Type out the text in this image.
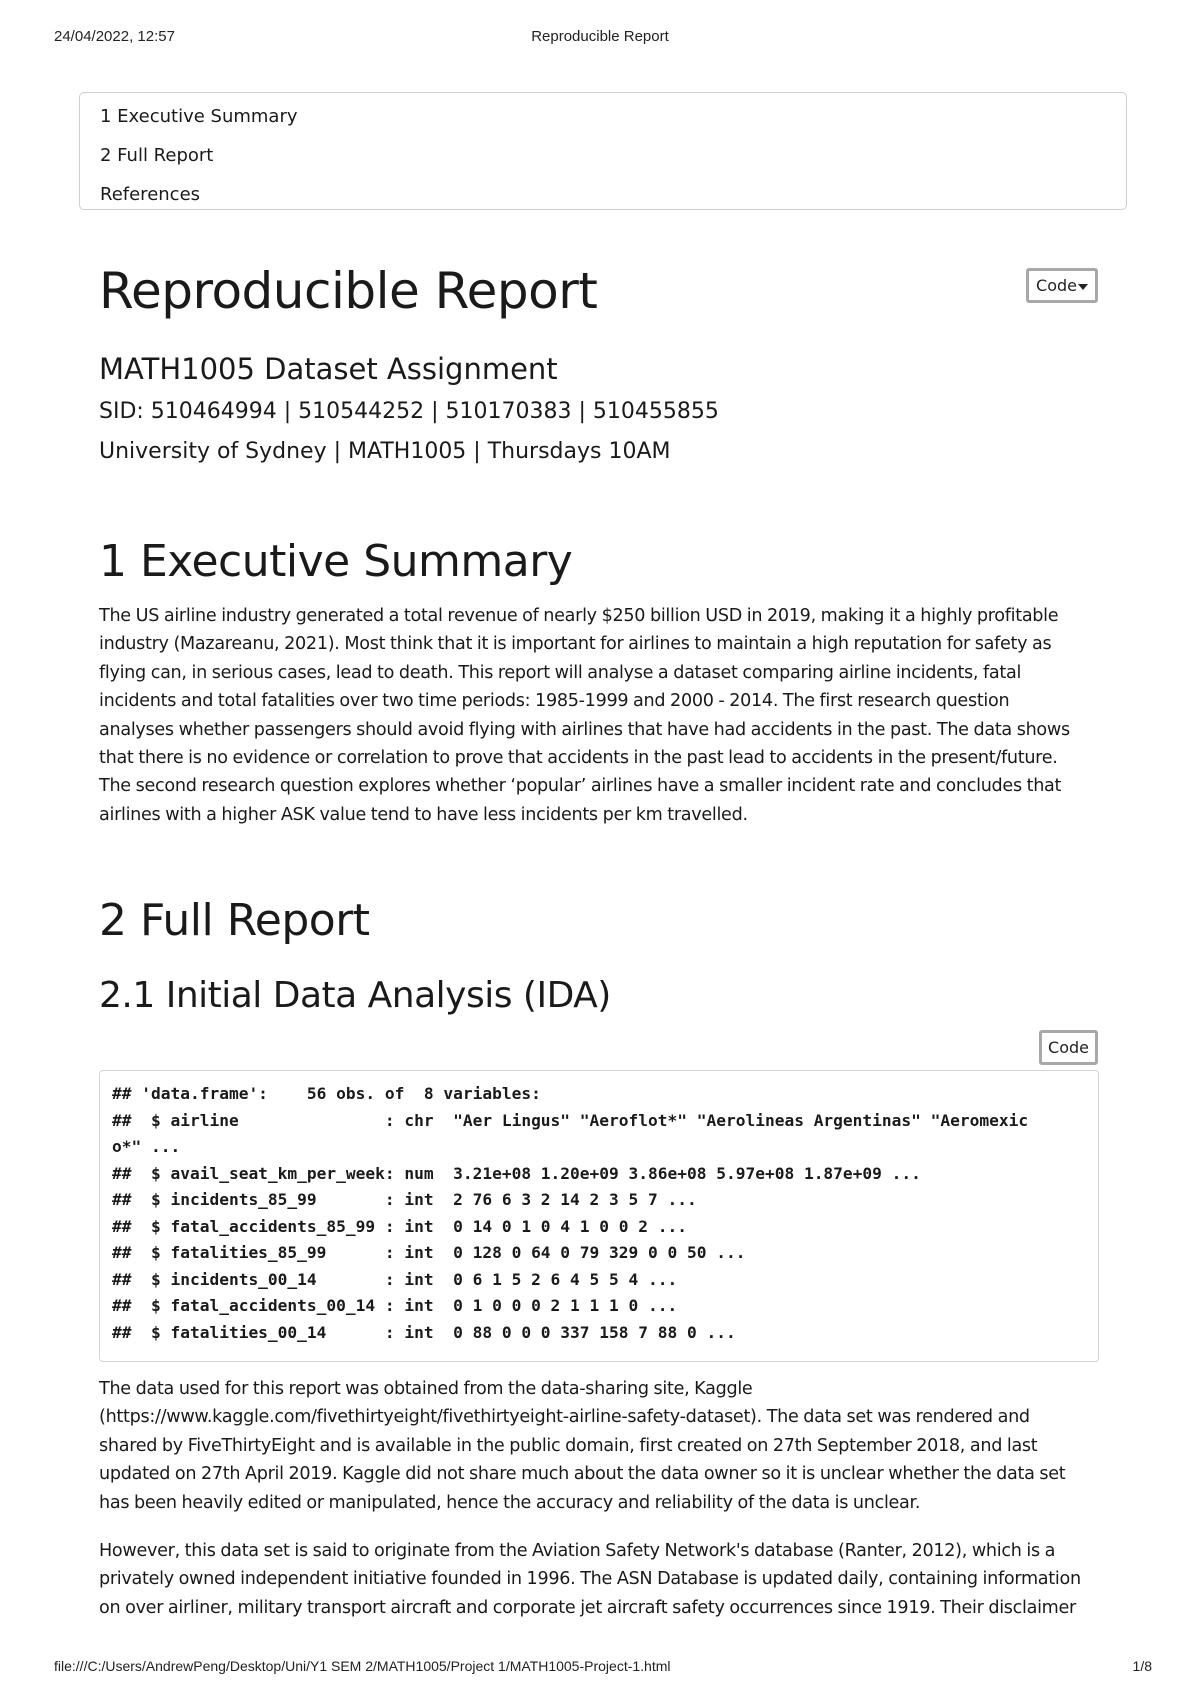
24/04/2022, 12:57	Reproducible Report
1 Executive Summary
2 Full Report
References
Code
Reproducible Report
MATH1005 Dataset Assignment
SID: 510464994 | 510544252 | 510170383 | 510455855
University of Sydney | MATH1005 | Thursdays 10AM
1 Executive Summary
The US airline industry generated a total revenue of nearly $250 billion USD in 2019, making it a highly profitable
industry (Mazareanu, 2021). Most think that it is important for airlines to maintain a high reputation for safety as
flying can, in serious cases, lead to death. This report will analyse a dataset comparing airline incidents, fatal
incidents and total fatalities over two time periods: 1985-1999 and 2000 - 2014. The first research question
analyses whether passengers should avoid flying with airlines that have had accidents in the past. The data shows
that there is no evidence or correlation to prove that accidents in the past lead to accidents in the present/future.
The second research question explores whether ‘popular’ airlines have a smaller incident rate and concludes that
airlines with a higher ASK value tend to have less incidents per km travelled.
2 Full Report
2.1 Initial Data Analysis (IDA)
Code
## 'data.frame':    56 obs. of  8 variables:
##  $ airline               : chr  "Aer Lingus" "Aeroflot*" "Aerolineas Argentinas" "Aeromexic
o*" ...
##  $ avail_seat_km_per_week: num  3.21e+08 1.20e+09 3.86e+08 5.97e+08 1.87e+09 ...
##  $ incidents_85_99       : int  2 76 6 3 2 14 2 3 5 7 ...
##  $ fatal_accidents_85_99 : int  0 14 0 1 0 4 1 0 0 2 ...
##  $ fatalities_85_99      : int  0 128 0 64 0 79 329 0 0 50 ...
##  $ incidents_00_14       : int  0 6 1 5 2 6 4 5 5 4 ...
##  $ fatal_accidents_00_14 : int  0 1 0 0 0 2 1 1 1 0 ...
##  $ fatalities_00_14      : int  0 88 0 0 0 337 158 7 88 0 ...
The data used for this report was obtained from the data-sharing site, Kaggle
(https://www.kaggle.com/fivethirtyeight/fivethirtyeight-airline-safety-dataset). The data set was rendered and
shared by FiveThirtyEight and is available in the public domain, first created on 27th September 2018, and last
updated on 27th April 2019. Kaggle did not share much about the data owner so it is unclear whether the data set
has been heavily edited or manipulated, hence the accuracy and reliability of the data is unclear.
However, this data set is said to originate from the Aviation Safety Network's database (Ranter, 2012), which is a
privately owned independent initiative founded in 1996. The ASN Database is updated daily, containing information
on over airliner, military transport aircraft and corporate jet aircraft safety occurrences since 1919. Their disclaimer
file:///C:/Users/AndrewPeng/Desktop/Uni/Y1 SEM 2/MATH1005/Project 1/MATH1005-Project-1.html	1/8
